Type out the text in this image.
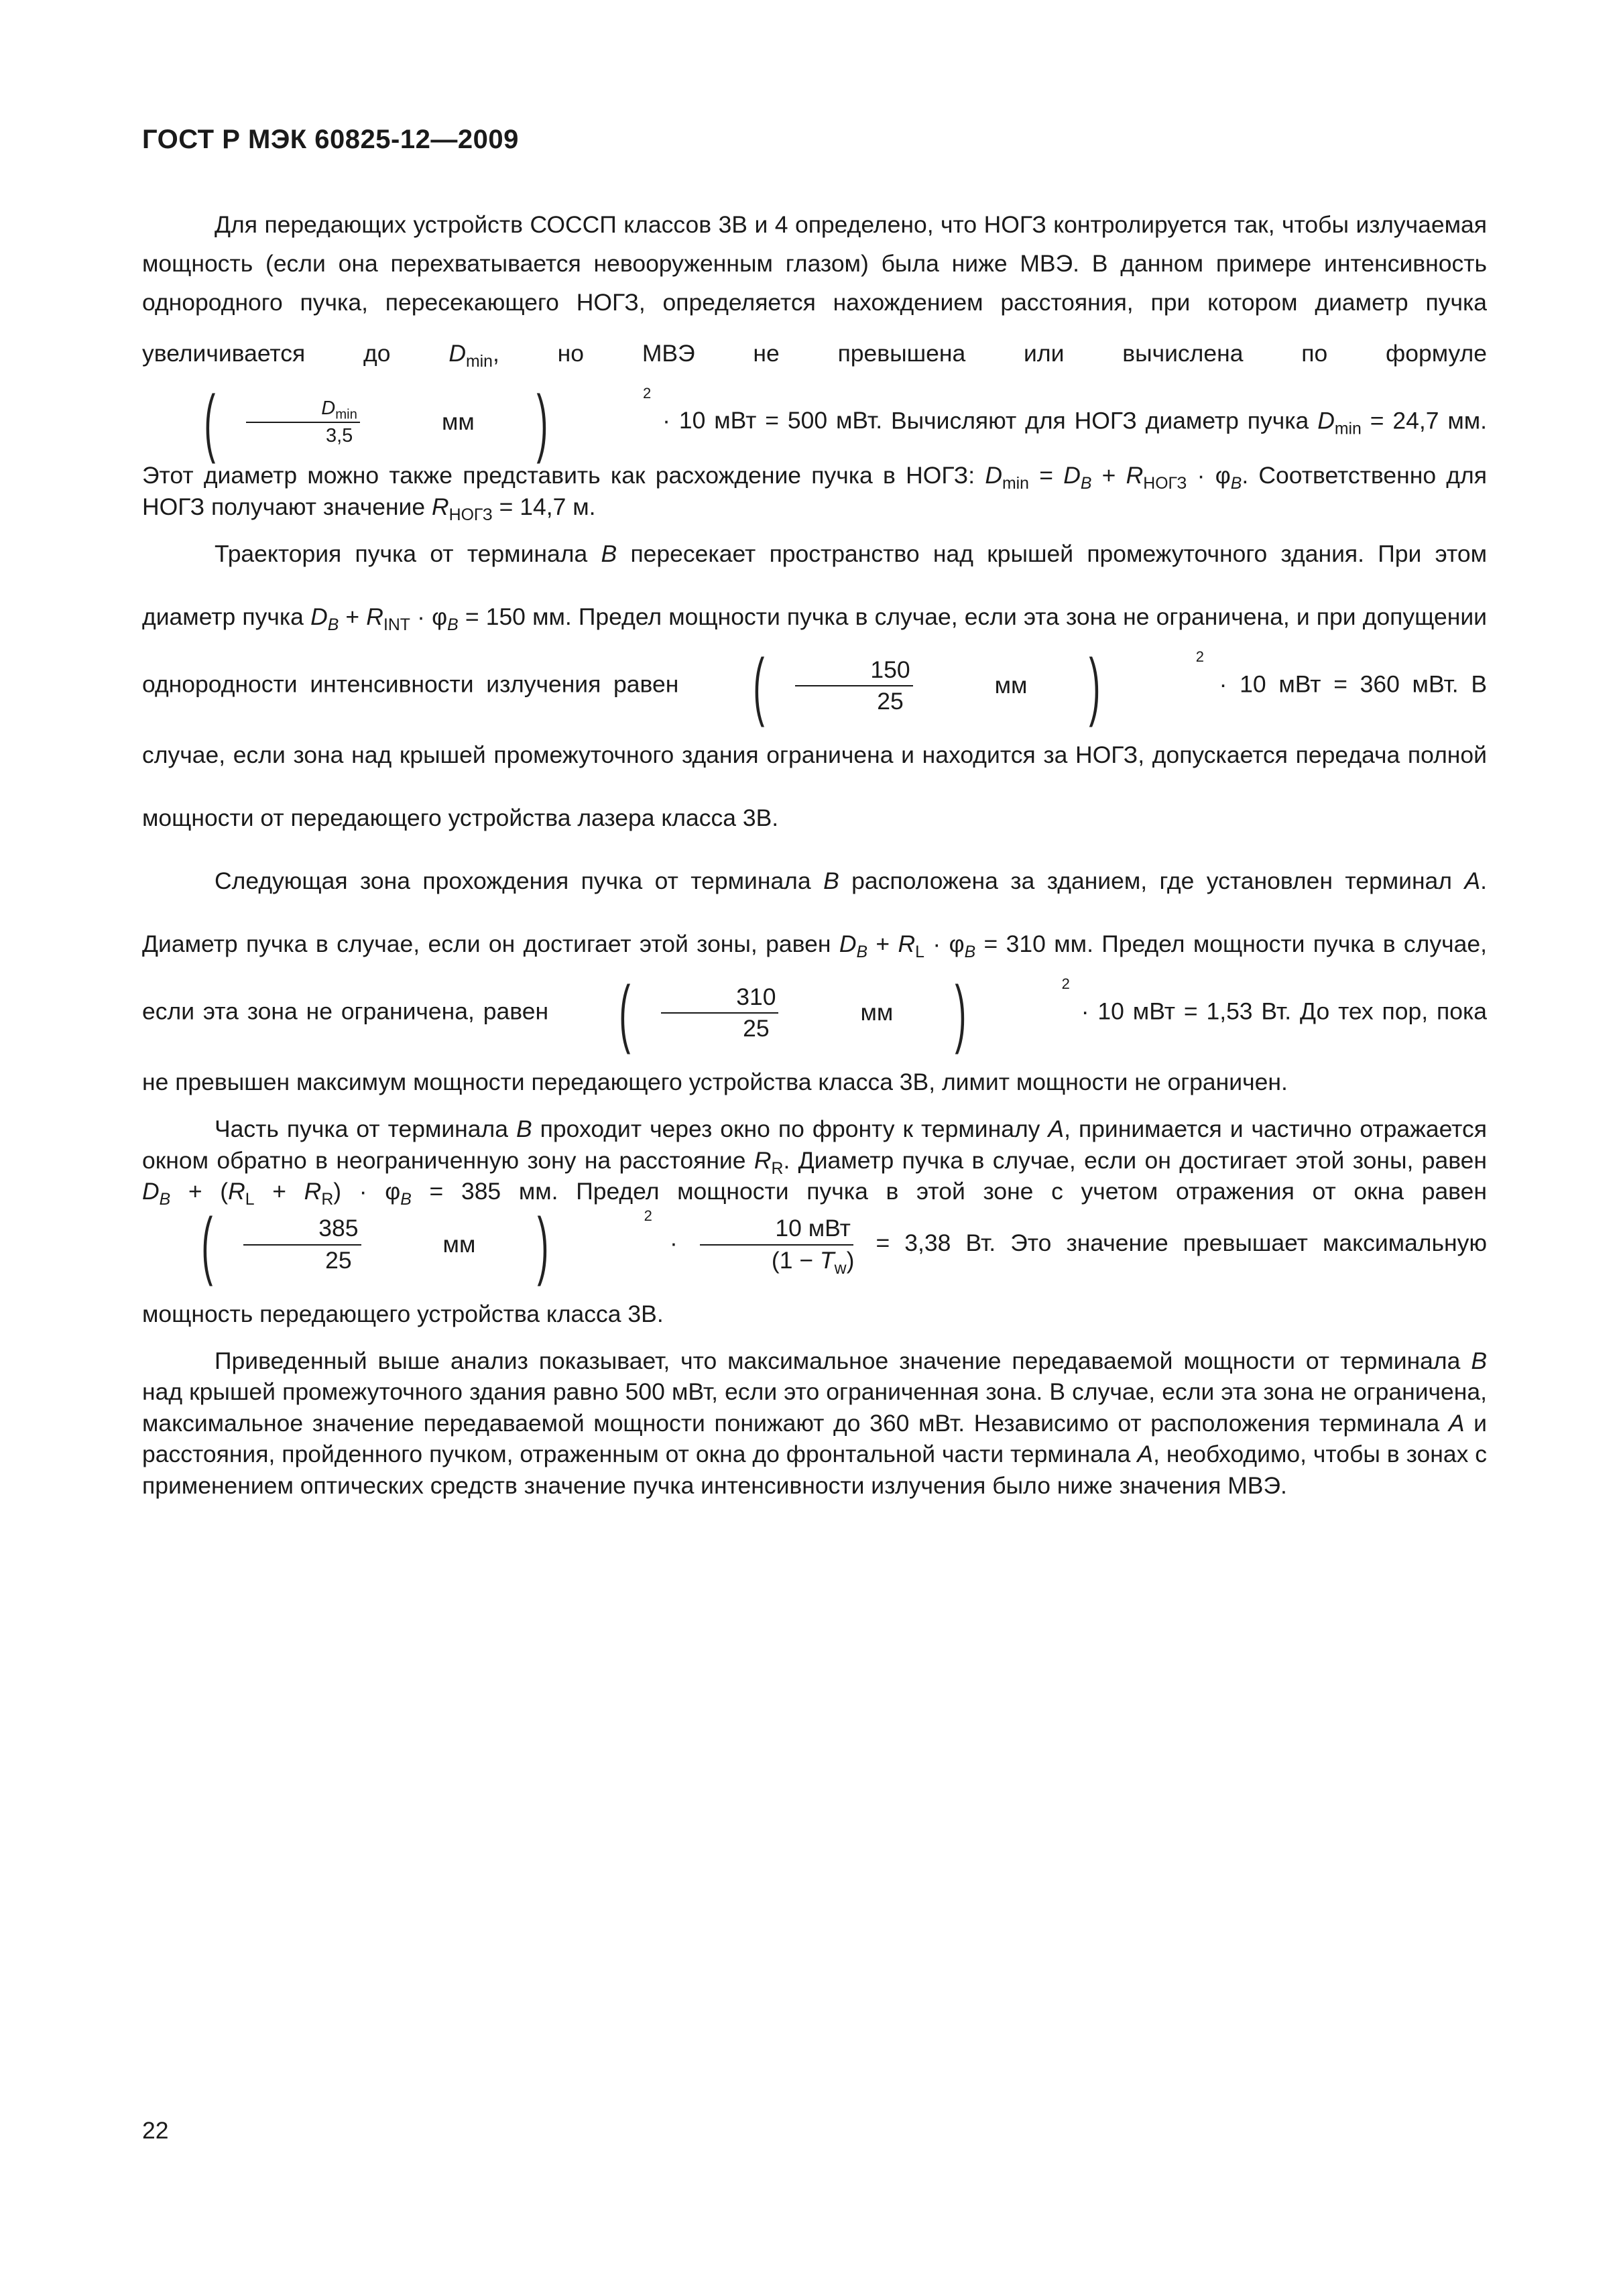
ГОСТ Р МЭК 60825-12—2009

Для передающих устройств СОССП классов 3В и 4 определено, что НОГЗ контролируется так, чтобы излучаемая мощность (если она перехватывается невооруженным глазом) была ниже МВЭ. В данном примере интенсивность однородного пучка, пересекающего НОГЗ, определяется нахождением расстояния, при котором диаметр пучка увеличивается до $D_{min}$, но МВЭ не превышена или вычислена по формуле
( $\frac{D_{min}}{3,5}$	мм )	2
· 10 мВт = 500 мВт. Вычисляют для НОГЗ диаметр пучка $D_{min} = 24,7$ мм. Этот диаметр можно также представить как расхождение пучка в НОГЗ: $D_{min} = D_B + R_{НОГЗ} \cdot \varphi_B$. Соответственно для НОГЗ получают значение $R_{НОГЗ} = 14,7$ м.

Траектория пучка от терминала B пересекает пространство над крышей промежуточного здания. При этом диаметр пучка $D_B + R_{INT} \cdot \varphi_B = 150$ мм. Предел мощности пучка в случае, если эта зона не ограничена, и при допущении однородности интенсивности излучения равен ( $\frac{150}{25}$	мм )	2
· 10 мВт = 360 мВт. В случае, если зона над крышей промежуточного здания ограничена и находится за НОГЗ, допускается передача полной мощности от передающего устройства лазера класса 3В.

Следующая зона прохождения пучка от терминала B расположена за зданием, где установлен терминал A. Диаметр пучка в случае, если он достигает этой зоны, равен $D_B + R_L \cdot \varphi_B = 310$ мм. Предел мощности пучка в случае, если эта зона не ограничена, равен ( $\frac{310}{25}$	мм )	2
· 10 мВт = 1,53 Вт. До тех пор, пока не превышен максимум мощности передающего устройства класса 3В, лимит мощности не ограничен.

Часть пучка от терминала B проходит через окно по фронту к терминалу A, принимается и частично отражается окном обратно в неограниченную зону на расстояние $R_R$. Диаметр пучка в случае, если он достигает этой зоны, равен $D_B + (R_L + R_R) \cdot \varphi_B = 385$ мм. Предел мощности пучка в этой зоне с учетом отражения от окна равен
( $\frac{385}{25}$	мм )	2
· $\frac{\text{10 мВт}}{(1 - T_w)} = 3,38$ Вт. Это значение превышает максимальную мощность передающего устройства класса 3В.

Приведенный выше анализ показывает, что максимальное значение передаваемой мощности от терминала B над крышей промежуточного здания равно 500 мВт, если это ограниченная зона. В случае, если эта зона не ограничена, максимальное значение передаваемой мощности понижают до 360 мВт. Независимо от расположения терминала A и расстояния, пройденного пучком, отраженным от окна до фронтальной части терминала A, необходимо, чтобы в зонах с применением оптических средств значение пучка интенсивности излучения было ниже значения МВЭ.

22
